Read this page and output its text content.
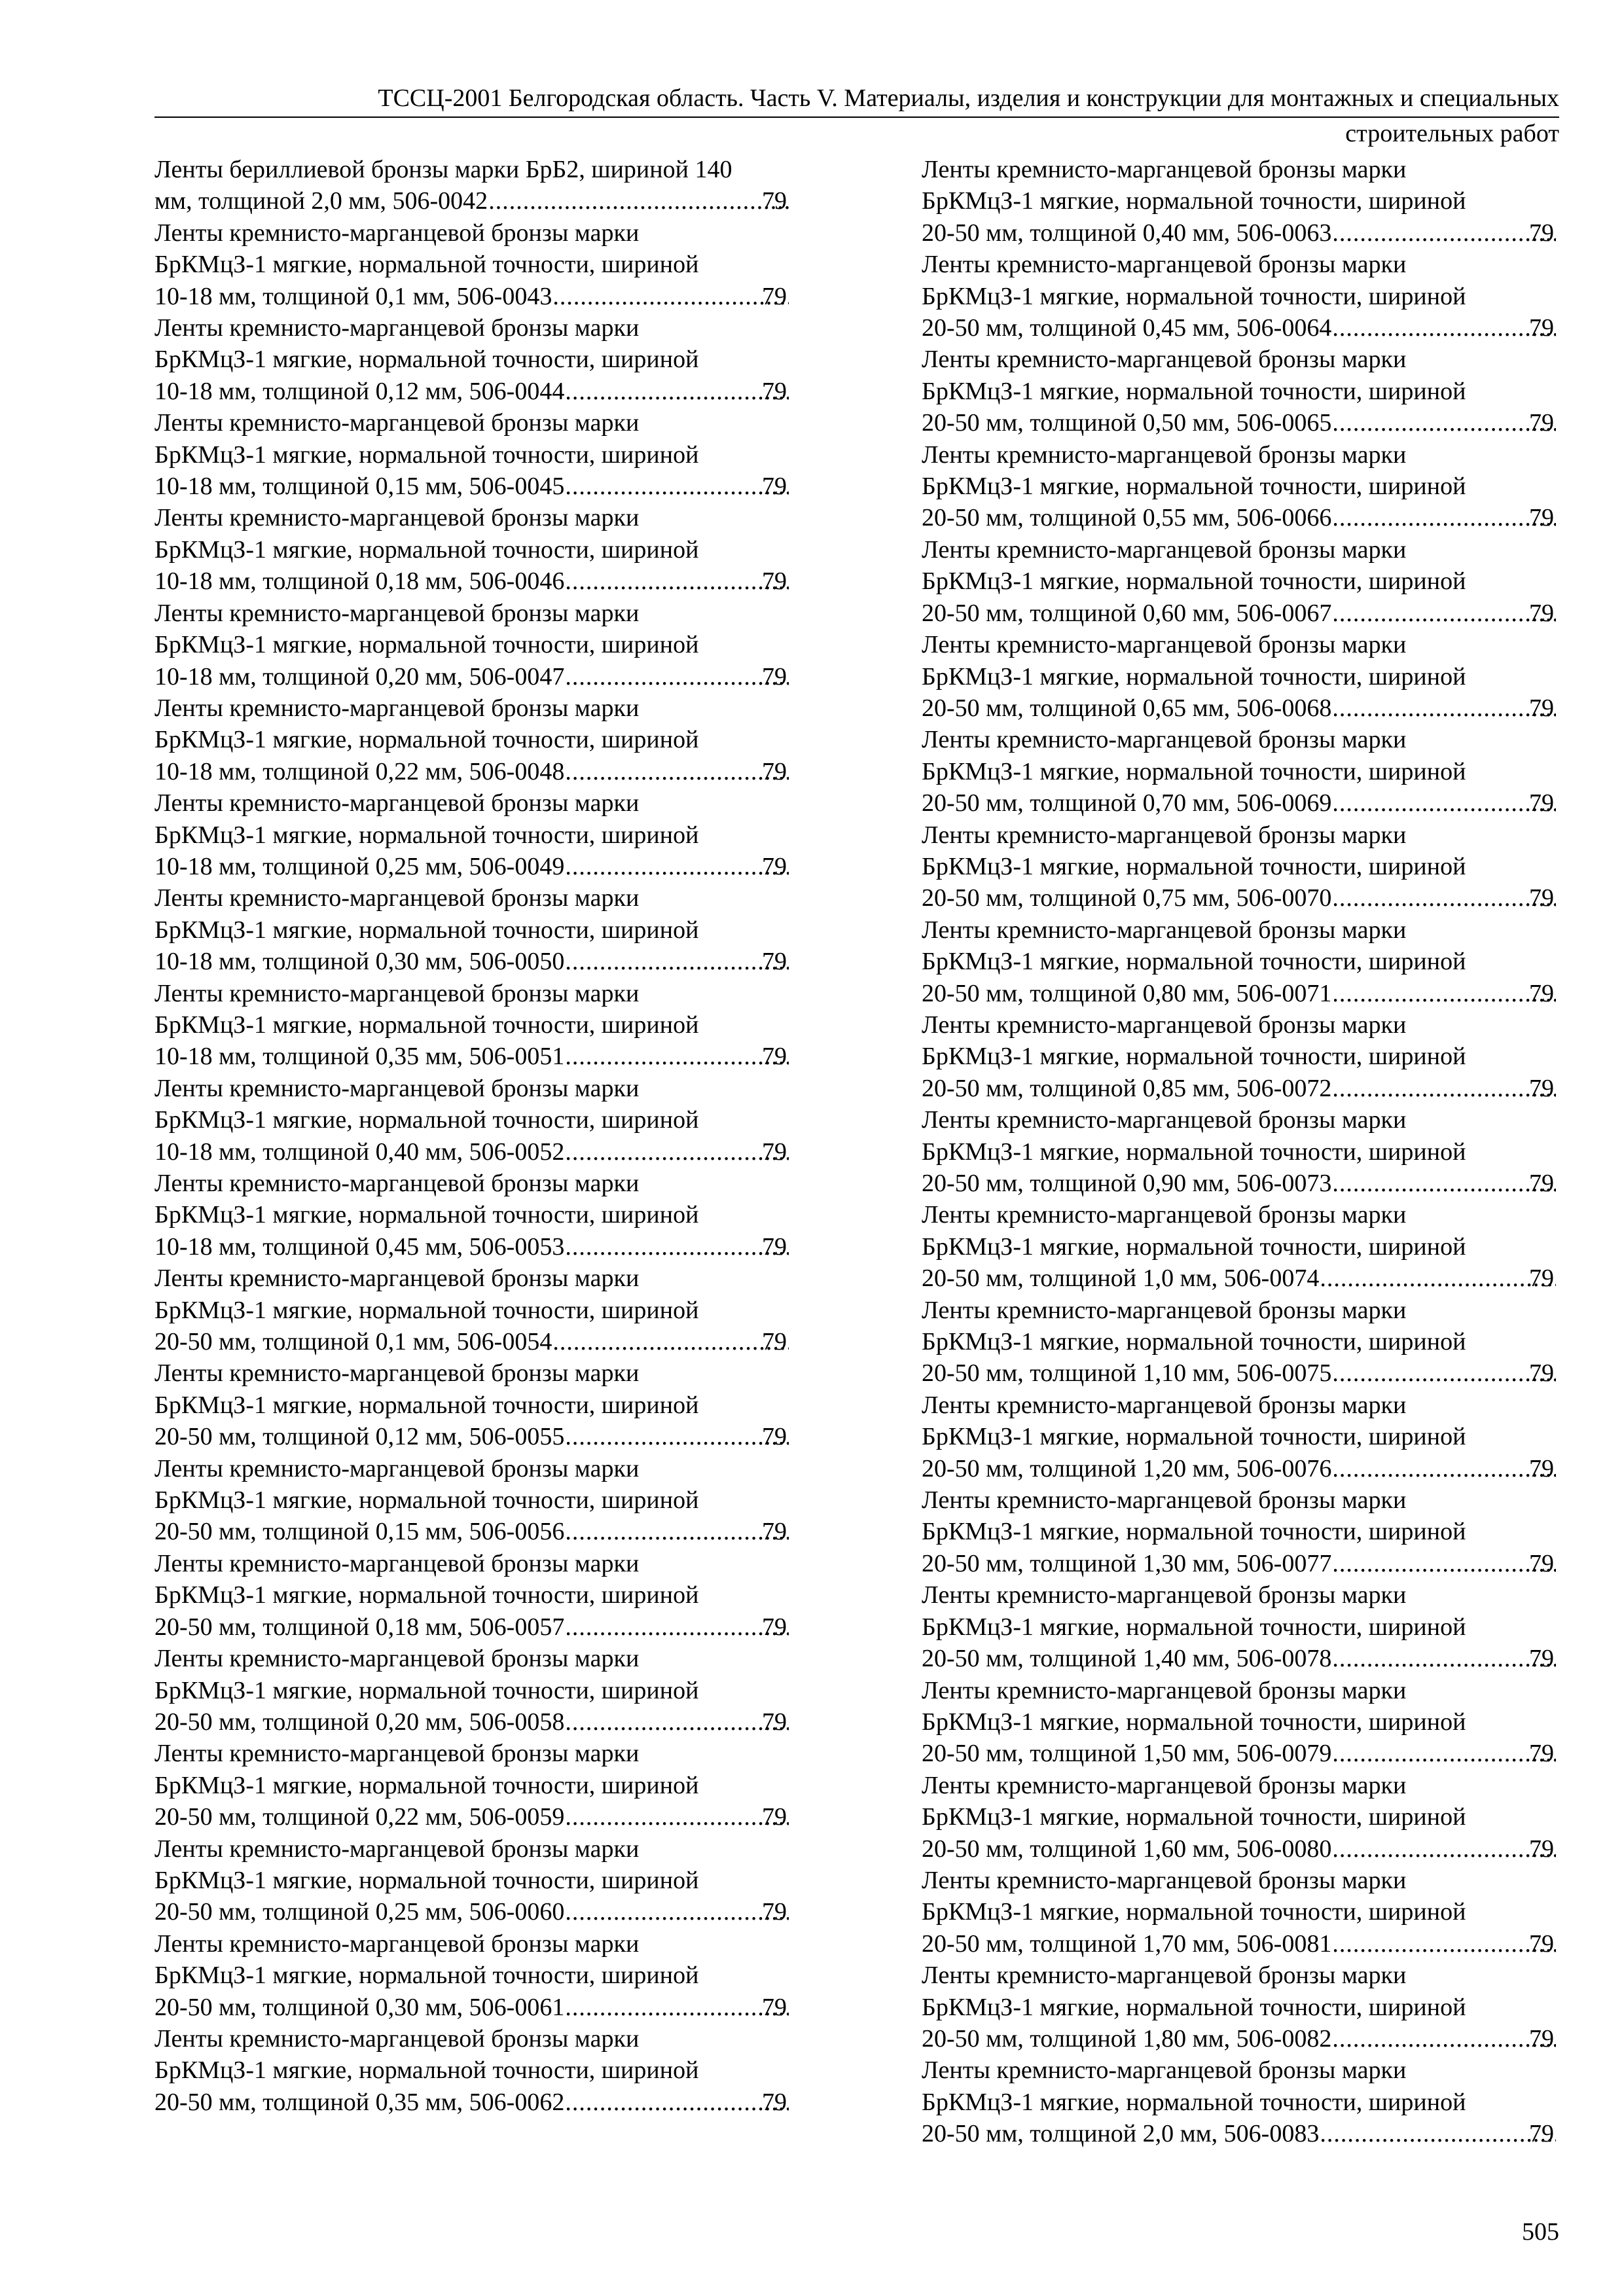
ТССЦ-2001 Белгородская область. Часть V. Материалы, изделия и конструкции для монтажных и специальных
строительных работ
Ленты бериллиевой бронзы марки БрБ2, шириной 140
мм, толщиной 2,0 мм, 506-0042 .....	79
Ленты кремнисто-марганцевой бронзы марки
БрКМцЗ-1 мягкие, нормальной точности, шириной
10-18 мм, толщиной 0,1 мм, 506-0043 .....	79
Ленты кремнисто-марганцевой бронзы марки
БрКМцЗ-1 мягкие, нормальной точности, шириной
10-18 мм, толщиной 0,12 мм, 506-0044 .....	79
Ленты кремнисто-марганцевой бронзы марки
БрКМцЗ-1 мягкие, нормальной точности, шириной
10-18 мм, толщиной 0,15 мм, 506-0045 .....	79
Ленты кремнисто-марганцевой бронзы марки
БрКМцЗ-1 мягкие, нормальной точности, шириной
10-18 мм, толщиной 0,18 мм, 506-0046 .....	79
Ленты кремнисто-марганцевой бронзы марки
БрКМцЗ-1 мягкие, нормальной точности, шириной
10-18 мм, толщиной 0,20 мм, 506-0047 .....	79
Ленты кремнисто-марганцевой бронзы марки
БрКМцЗ-1 мягкие, нормальной точности, шириной
10-18 мм, толщиной 0,22 мм, 506-0048 .....	79
Ленты кремнисто-марганцевой бронзы марки
БрКМцЗ-1 мягкие, нормальной точности, шириной
10-18 мм, толщиной 0,25 мм, 506-0049 .....	79
Ленты кремнисто-марганцевой бронзы марки
БрКМцЗ-1 мягкие, нормальной точности, шириной
10-18 мм, толщиной 0,30 мм, 506-0050 .....	79
Ленты кремнисто-марганцевой бронзы марки
БрКМцЗ-1 мягкие, нормальной точности, шириной
10-18 мм, толщиной 0,35 мм, 506-0051 .....	79
Ленты кремнисто-марганцевой бронзы марки
БрКМцЗ-1 мягкие, нормальной точности, шириной
10-18 мм, толщиной 0,40 мм, 506-0052 .....	79
Ленты кремнисто-марганцевой бронзы марки
БрКМцЗ-1 мягкие, нормальной точности, шириной
10-18 мм, толщиной 0,45 мм, 506-0053 .....	79
Ленты кремнисто-марганцевой бронзы марки
БрКМцЗ-1 мягкие, нормальной точности, шириной
20-50 мм, толщиной 0,1 мм, 506-0054 .....	79
Ленты кремнисто-марганцевой бронзы марки
БрКМцЗ-1 мягкие, нормальной точности, шириной
20-50 мм, толщиной 0,12 мм, 506-0055 .....	79
Ленты кремнисто-марганцевой бронзы марки
БрКМцЗ-1 мягкие, нормальной точности, шириной
20-50 мм, толщиной 0,15 мм, 506-0056 .....	79
Ленты кремнисто-марганцевой бронзы марки
БрКМцЗ-1 мягкие, нормальной точности, шириной
20-50 мм, толщиной 0,18 мм, 506-0057 .....	79
Ленты кремнисто-марганцевой бронзы марки
БрКМцЗ-1 мягкие, нормальной точности, шириной
20-50 мм, толщиной 0,20 мм, 506-0058 .....	79
Ленты кремнисто-марганцевой бронзы марки
БрКМцЗ-1 мягкие, нормальной точности, шириной
20-50 мм, толщиной 0,22 мм, 506-0059 .....	79
Ленты кремнисто-марганцевой бронзы марки
БрКМцЗ-1 мягкие, нормальной точности, шириной
20-50 мм, толщиной 0,25 мм, 506-0060 .....	79
Ленты кремнисто-марганцевой бронзы марки
БрКМцЗ-1 мягкие, нормальной точности, шириной
20-50 мм, толщиной 0,30 мм, 506-0061 .....	79
Ленты кремнисто-марганцевой бронзы марки
БрКМцЗ-1 мягкие, нормальной точности, шириной
20-50 мм, толщиной 0,35 мм, 506-0062 .....	79
Ленты кремнисто-марганцевой бронзы марки
БрКМцЗ-1 мягкие, нормальной точности, шириной
20-50 мм, толщиной 0,40 мм, 506-0063 .....	79
Ленты кремнисто-марганцевой бронзы марки
БрКМцЗ-1 мягкие, нормальной точности, шириной
20-50 мм, толщиной 0,45 мм, 506-0064 .....	79
Ленты кремнисто-марганцевой бронзы марки
БрКМцЗ-1 мягкие, нормальной точности, шириной
20-50 мм, толщиной 0,50 мм, 506-0065 .....	79
Ленты кремнисто-марганцевой бронзы марки
БрКМцЗ-1 мягкие, нормальной точности, шириной
20-50 мм, толщиной 0,55 мм, 506-0066 .....	79
Ленты кремнисто-марганцевой бронзы марки
БрКМцЗ-1 мягкие, нормальной точности, шириной
20-50 мм, толщиной 0,60 мм, 506-0067 .....	79
Ленты кремнисто-марганцевой бронзы марки
БрКМцЗ-1 мягкие, нормальной точности, шириной
20-50 мм, толщиной 0,65 мм, 506-0068 .....	79
Ленты кремнисто-марганцевой бронзы марки
БрКМцЗ-1 мягкие, нормальной точности, шириной
20-50 мм, толщиной 0,70 мм, 506-0069 .....	79
Ленты кремнисто-марганцевой бронзы марки
БрКМцЗ-1 мягкие, нормальной точности, шириной
20-50 мм, толщиной 0,75 мм, 506-0070 .....	79
Ленты кремнисто-марганцевой бронзы марки
БрКМцЗ-1 мягкие, нормальной точности, шириной
20-50 мм, толщиной 0,80 мм, 506-0071 .....	79
Ленты кремнисто-марганцевой бронзы марки
БрКМцЗ-1 мягкие, нормальной точности, шириной
20-50 мм, толщиной 0,85 мм, 506-0072 .....	79
Ленты кремнисто-марганцевой бронзы марки
БрКМцЗ-1 мягкие, нормальной точности, шириной
20-50 мм, толщиной 0,90 мм, 506-0073 .....	79
Ленты кремнисто-марганцевой бронзы марки
БрКМцЗ-1 мягкие, нормальной точности, шириной
20-50 мм, толщиной 1,0 мм, 506-0074 .....	79
Ленты кремнисто-марганцевой бронзы марки
БрКМцЗ-1 мягкие, нормальной точности, шириной
20-50 мм, толщиной 1,10 мм, 506-0075 .....	79
Ленты кремнисто-марганцевой бронзы марки
БрКМцЗ-1 мягкие, нормальной точности, шириной
20-50 мм, толщиной 1,20 мм, 506-0076 .....	79
Ленты кремнисто-марганцевой бронзы марки
БрКМцЗ-1 мягкие, нормальной точности, шириной
20-50 мм, толщиной 1,30 мм, 506-0077 .....	79
Ленты кремнисто-марганцевой бронзы марки
БрКМцЗ-1 мягкие, нормальной точности, шириной
20-50 мм, толщиной 1,40 мм, 506-0078 .....	79
Ленты кремнисто-марганцевой бронзы марки
БрКМцЗ-1 мягкие, нормальной точности, шириной
20-50 мм, толщиной 1,50 мм, 506-0079 .....	79
Ленты кремнисто-марганцевой бронзы марки
БрКМцЗ-1 мягкие, нормальной точности, шириной
20-50 мм, толщиной 1,60 мм, 506-0080 .....	79
Ленты кремнисто-марганцевой бронзы марки
БрКМцЗ-1 мягкие, нормальной точности, шириной
20-50 мм, толщиной 1,70 мм, 506-0081 .....	79
Ленты кремнисто-марганцевой бронзы марки
БрКМцЗ-1 мягкие, нормальной точности, шириной
20-50 мм, толщиной 1,80 мм, 506-0082 .....	79
Ленты кремнисто-марганцевой бронзы марки
БрКМцЗ-1 мягкие, нормальной точности, шириной
20-50 мм, толщиной 2,0 мм, 506-0083 .....	79
505
